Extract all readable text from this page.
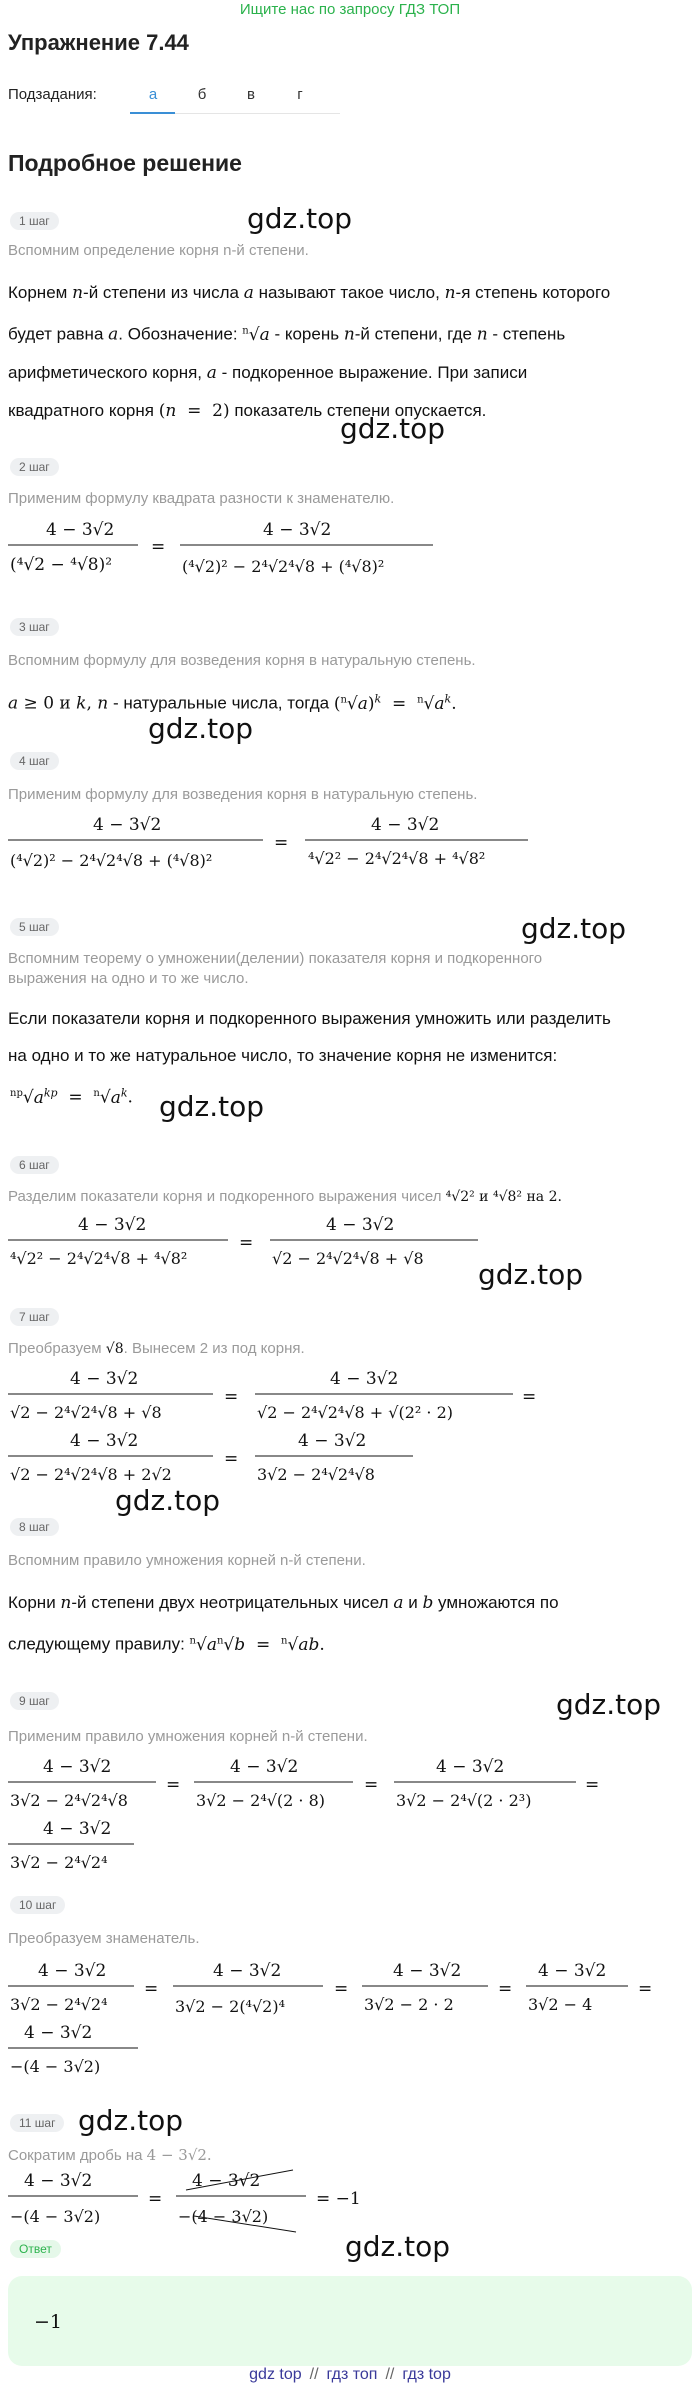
Ищите нас по запросу ГДЗ ТОП
Упражнение 7.44
Подзадания:	а	б	в	г
Подробное решение
1 шаг
Вспомним определение корня n-й степени.
gdz.top
Корнем n-й степени из числа a называют такое число, n-я степень которого
будет равна a. Обозначение: $^n$√a - корень n-й степени, где n - степень
арифметического корня, a - подкоренное выражение. При записи
квадратного корня (n  =  2) показатель степени опускается.
gdz.top
2 шаг
Применим формулу квадрата разности к знаменателю.
4 − 3√2
(⁴√2 − ⁴√8)²
=
4 − 3√2
(⁴√2)² − 2⁴√2⁴√8 + (⁴√8)²
3 шаг
Вспомним формулу для возведения корня в натуральную степень.
a ≥ 0 и k, n - натуральные числа, тогда $(^n√a)^k = ^n√a^k$.
gdz.top
4 шаг
Применим формулу для возведения корня в натуральную степень.
4 − 3√2
(⁴√2)² − 2⁴√2⁴√8 + (⁴√8)²
=
4 − 3√2
⁴√2² − 2⁴√2⁴√8 + ⁴√8²
5 шаг	gdz.top
Вспомним теорему о умножении(делении) показателя корня и подкоренного
выражения на одно и то же число.
Если показатели корня и подкоренного выражения умножить или разделить
на одно и то же натуральное число, то значение корня не изменится:
$^{np}√a^{kp} = ^n√a^k$. gdz.top
6 шаг
Разделим показатели корня и подкоренного выражения чисел ⁴√2² и ⁴√8² на 2.
4 − 3√2
⁴√2² − 2⁴√2⁴√8 + ⁴√8²
=
4 − 3√2
√2 − 2⁴√2⁴√8 + √8 gdz.top
7 шаг
Преобразуем √8. Вынесем 2 из под корня.
4 − 3√2
√2 − 2⁴√2⁴√8 + √8
=
4 − 3√2
√2 − 2⁴√2⁴√8 + √(2² · 2)
=
4 − 3√2
√2 − 2⁴√2⁴√8 + 2√2
=
4 − 3√2
3√2 − 2⁴√2⁴√8
gdz.top
8 шаг
Вспомним правило умножения корней n-й степени.
Корни n-й степени двух неотрицательных чисел a и b умножаются по
следующему правилу: $^n√a^n√b = ^n√ab$.
9 шаг	gdz.top
Применим правило умножения корней n-й степени.
4 − 3√2
3√2 − 2⁴√2⁴√8
=
4 − 3√2
3√2 − 2⁴√(2 · 8)
=
4 − 3√2
3√2 − 2⁴√(2 · 2³)
=
4 − 3√2
3√2 − 2⁴√2⁴
10 шаг
Преобразуем знаменатель.
4 − 3√2
3√2 − 2⁴√2⁴
=
4 − 3√2
3√2 − 2(⁴√2)⁴
=
4 − 3√2
3√2 − 2 · 2
=
4 − 3√2
3√2 − 4
=
4 − 3√2
−(4 − 3√2)
11 шаг gdz.top
Сократим дробь на 4 − 3√2.
4 − 3√2
−(4 − 3√2)
=
4 − 3√2
−(4 − 3√2)
= −1
gdz.top
Ответ
−1
gdz top // гдз топ // гдз top
